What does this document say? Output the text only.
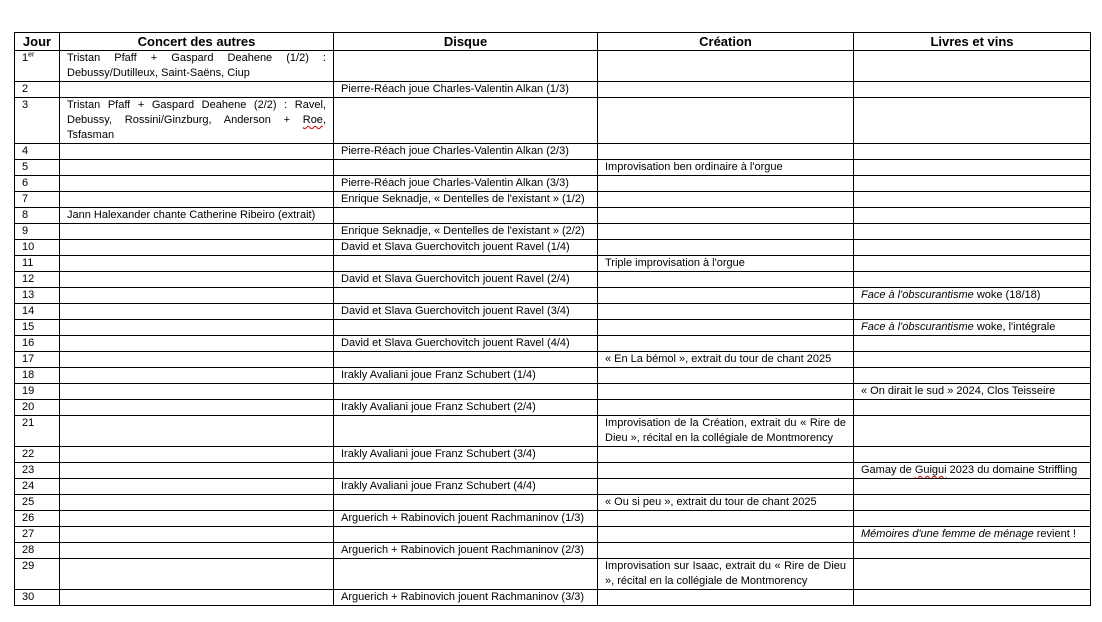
Jour	Concert des autres	Disque	Création	Livres et vins
1er	Tristan Pfaff + Gaspard Deahene (1/2) : Debussy/Dutilleux, Saint-Saëns, Ciup			
2		Pierre-Réach joue Charles-Valentin Alkan (1/3)		
3	Tristan Pfaff + Gaspard Deahene (2/2) : Ravel, Debussy, Rossini/Ginzburg, Anderson + Roe, Tsfasman			
4		Pierre-Réach joue Charles-Valentin Alkan (2/3)		
5			Improvisation ben ordinaire à l'orgue	
6		Pierre-Réach joue Charles-Valentin Alkan (3/3)		
7		Enrique Seknadje, « Dentelles de l'existant » (1/2)		
8	Jann Halexander chante Catherine Ribeiro (extrait)			
9		Enrique Seknadje, « Dentelles de l'existant » (2/2)		
10		David et Slava Guerchovitch jouent Ravel (1/4)		
11			Triple improvisation à l'orgue	
12		David et Slava Guerchovitch jouent Ravel (2/4)		
13				Face à l'obscurantisme woke (18/18)
14		David et Slava Guerchovitch jouent Ravel (3/4)		
15				Face à l'obscurantisme woke, l'intégrale
16		David et Slava Guerchovitch jouent Ravel (4/4)		
17			« En La bémol », extrait du tour de chant 2025	
18		Irakly Avaliani joue Franz Schubert (1/4)		
19				« On dirait le sud » 2024, Clos Teisseire
20		Irakly Avaliani joue Franz Schubert (2/4)		
21			Improvisation de la Création, extrait du « Rire de Dieu », récital en la collégiale de Montmorency	
22		Irakly Avaliani joue Franz Schubert (3/4)		
23				Gamay de Guigui 2023 du domaine Striffling
24		Irakly Avaliani joue Franz Schubert (4/4)		
25			« Ou si peu », extrait du tour de chant 2025	
26		Arguerich + Rabinovich jouent Rachmaninov (1/3)		
27				Mémoires d'une femme de ménage revient !
28		Arguerich + Rabinovich jouent Rachmaninov (2/3)		
29			Improvisation sur Isaac, extrait du « Rire de Dieu », récital en la collégiale de Montmorency	
30		Arguerich + Rabinovich jouent Rachmaninov (3/3)		
